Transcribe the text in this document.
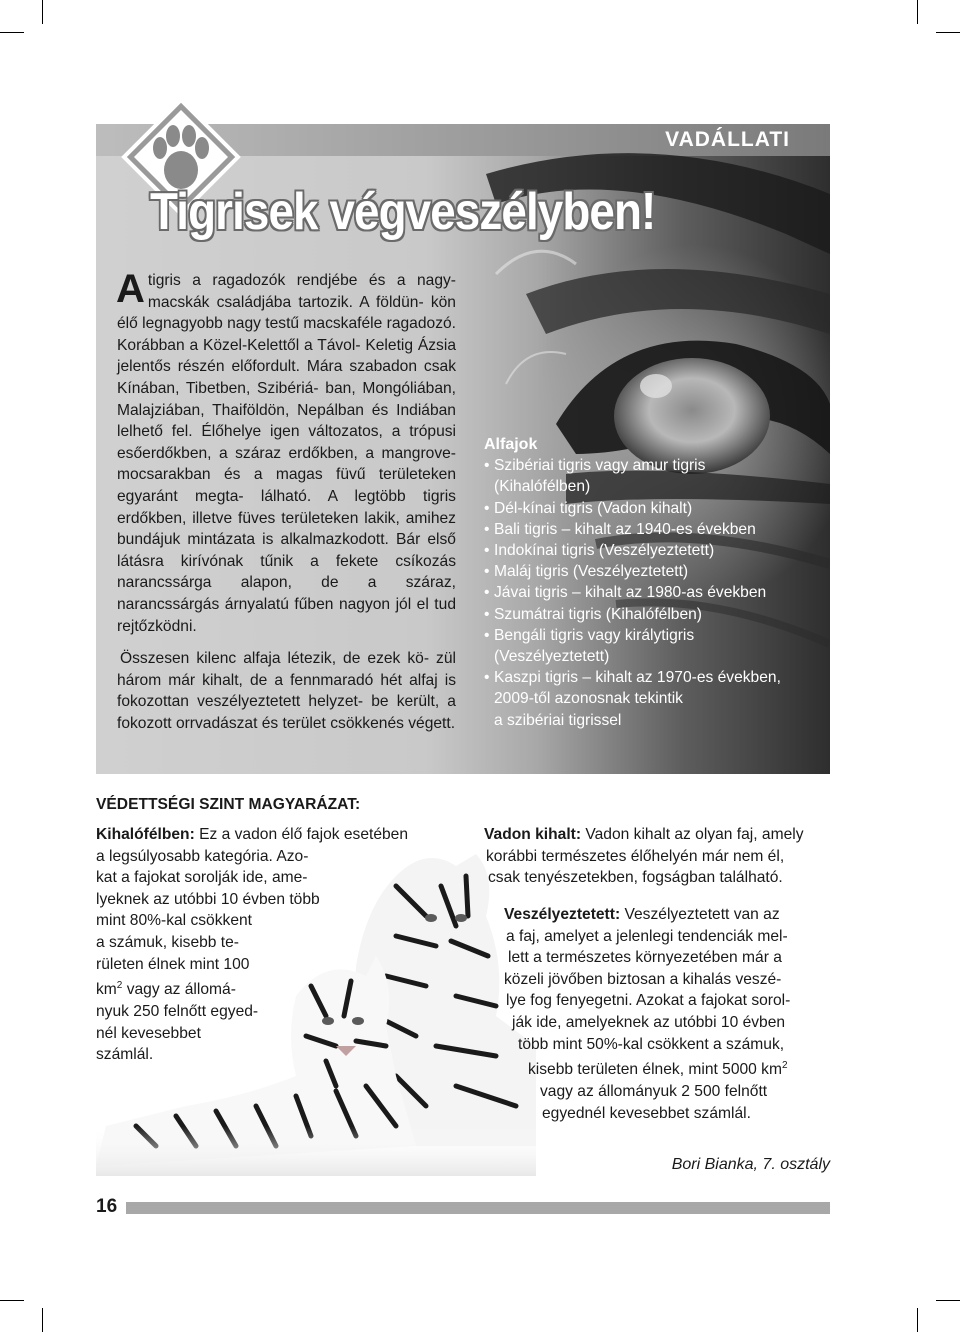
VADÁLLATI
Tigrisek végveszélyben!

A tigris a ragadozók rendjébe és a nagy- macskák családjába tartozik. A földün- kön élő legnagyobb nagy testű macskaféle ragadozó. Korábban a Közel-Kelettől a Távol- Keletig Ázsia jelentős részén előfordult. Mára szabadon csak Kínában, Tibetben, Szibériá- ban, Mongóliában, Malajziában, Thaiföldön, Nepálban és Indiában lelhető fel. Élőhelye igen változatos, a trópusi esőerdőkben, a száraz erdőkben, a mangrove-mocsarakban és a magas füvű területeken egyaránt megta- lálható. A legtöbb tigris erdőkben, illetve füves területeken lakik, amihez bundájuk mintázata is alkalmazkodott. Bár első látásra kirívónak tűnik a fekete csíkozás narancssárga alapon, de a száraz, narancssárgás árnyalatú fűben nagyon jól el tud rejtőzködni.

Összesen kilenc alfaja létezik, de ezek kö- zül három már kihalt, de a fennmaradó hét alfaj is fokozottan veszélyeztetett helyzet- be került, a fokozott orrvadászat és terület csökkenés végett.

Alfajok
• Szibériai tigris vagy amur tigris
(Kihalófélben)
• Dél-kínai tigris (Vadon kihalt)
• Bali tigris – kihalt az 1940-es években
• Indokínai tigris (Veszélyeztetett)
• Maláj tigris (Veszélyeztetett)
• Jávai tigris – kihalt az 1980-as években
• Szumátrai tigris (Kihalófélben)
• Bengáli tigris vagy királytigris
(Veszélyeztetett)
• Kaszpi tigris – kihalt az 1970-es években,
2009-től azonosnak tekintik
a szibériai tigrissel
VÉDETTSÉGI SZINT MAGYARÁZAT:
Kihalófélben: Ez a vadon élő fajok esetében
a legsúlyosabb kategória. Azo-
kat a fajokat sorolják ide, ame-
lyeknek az utóbbi 10 évben több
mint 80%-kal csökkent
a számuk, kisebb te-
rületen élnek mint 100
$km^2$ vagy az állomá-
nyuk 250 felnőtt egyed-
nél kevesebbet
számlál.
Vadon kihalt: Vadon kihalt az olyan faj, amely
korábbi természetes élőhelyén már nem él,
csak tenyészetekben, fogságban található.
Veszélyeztetett: Veszélyeztetett van az
a faj, amelyet a jelenlegi tendenciák mel-
lett a természetes környezetében már a
közeli jövőben biztosan a kihalás veszé-
lye fog fenyegetni. Azokat a fajokat sorol-
ják ide, amelyeknek az utóbbi 10 évben
több mint 50%-kal csökkent a számuk,
kisebb területen élnek, mint 5000 $km^2$
vagy az állományuk 2 500 felnőtt
egyednél kevesebbet számlál.
Bori Bianka, 7. osztály
16
